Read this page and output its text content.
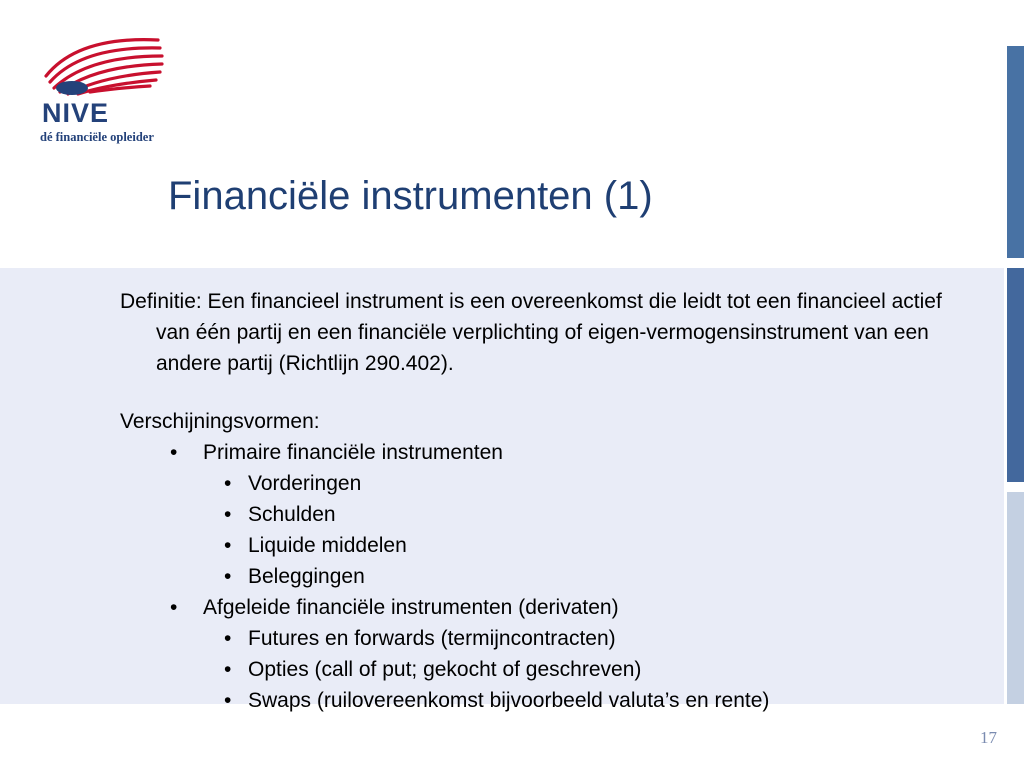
NIVE
dé financiële opleider
Financiële instrumenten (1)

Definitie: Een financieel instrument is een overeenkomst die leidt tot een financieel actief van één partij en een financiële verplichting of eigen-vermogensinstrument van een andere partij (Richtlijn 290.402).

Verschijningsvormen:
• Primaire financiële instrumenten
• Vorderingen
• Schulden
• Liquide middelen
• Beleggingen
• Afgeleide financiële instrumenten (derivaten)
• Futures en forwards (termijncontracten)
• Opties (call of put; gekocht of geschreven)
• Swaps (ruilovereenkomst bijvoorbeeld valuta’s en rente)
17
